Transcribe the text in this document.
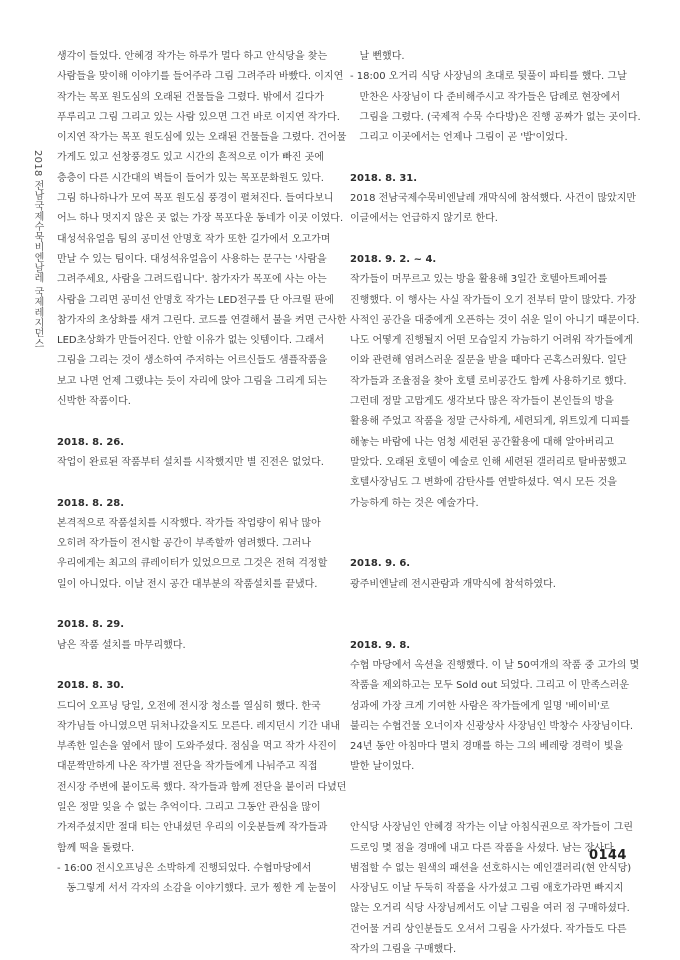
2018 전남국제수묵비엔날레 국제레지던스

생각이 들었다. 안혜경 작가는 하루가 멀다 하고 안식당을 찾는

사람들을 맞이해 이야기를 들어주라 그림 그려주라 바빴다. 이지연

작가는 목포 원도심의 오래된 건물들을 그렸다. 밖에서 길다가

푸루리고 그림 그리고 있는 사람 있으면 그건 바로 이지연 작가다.

이지연 작가는 목포 원도심에 있는 오래된 건물들을 그렸다. 건어물

가게도 있고 선창풍경도 있고 시간의 흔적으로 이가 빠진 곳에

층층이 다른 시간대의 벽들이 들어가 있는 목포문화원도 있다.

그림 하나하나가 모여 목포 원도심 풍경이 펼쳐진다. 들여다보니

어느 하나 멋지지 않은 곳 없는 가장 목포다운 동네가 이곳 이였다.

대성석유얼음 팀의 공미선 안명호 작가 또한 길가에서 오고가며

만날 수 있는 팀이다. 대성석유얼음이 사용하는 문구는 '사람을

그려주세요, 사람을 그려드립니다'. 참가자가 목포에 사는 아는

사람을 그리면 공미선 안명호 작가는 LED전구를 단 아크릴 판에

참가자의 초상화를 새겨 그린다. 코드를 연결해서 불을 켜면 근사한

LED초상화가 만들어진다. 안할 이유가 없는 잇템이다. 그래서

그림을 그리는 것이 생소하여 주저하는 어르신들도 샘플작품을

보고 나면 언제 그랬냐는 듯이 자리에 앉아 그림을 그리게 되는

신박한 작품이다.

2018. 8. 26.

작업이 완료된 작품부터 설치를 시작했지만 별 진전은 없었다.

2018. 8. 28.

본격적으로 작품설치를 시작했다. 작가들 작업량이 워낙 많아

오히려 작가들이 전시할 공간이 부족할까 염려했다. 그러나

우리에게는 최고의 큐레이터가 있었으므로 그것은 전혀 걱정할

일이 아니었다. 이날 전시 공간 대부분의 작품설치를 끝냈다.

2018. 8. 29.

남은 작품 설치를 마무리했다.

2018. 8. 30.

드디어 오프닝 당일, 오전에 전시장 청소를 열심히 했다. 한국

작가님들 아니였으면 뒤처나갔을지도 모른다. 레지던시 기간 내내

부족한 일손을 옆에서 많이 도와주셨다. 점심을 먹고 작가 사진이

대문짝만하게 나온 작가별 전단을 작가들에게 나눠주고 직접

전시장 주변에 붙이도록 했다. 작가들과 함께 전단을 붙이러 다녔던

일은 정말 잊을 수 없는 추억이다. 그리고 그동안 관심을 많이

가져주셨지만 절대 티는 안내셨던 우리의 이웃분들께 작가들과

함께 떡을 돌렸다.

- 16:00 전시오프닝은 소박하게 진행되었다. 수협마당에서

동그렇게 서서 각자의 소감을 이야기했다. 코가 찡한 게 눈물이

날 뻔했다.

- 18:00 오거리 식당 사장님의 초대로 뒷풀이 파티를 했다. 그날

만찬은 사장님이 다 준비해주시고 작가들은 답례로 현장에서

그림을 그렸다. (국제적 수묵 수다방)은 진행 공짜가 없는 곳이다.

그리고 이곳에서는 언제나 그림이 곧 '밥'이었다.

2018. 8. 31.

2018 전남국제수묵비엔날레 개막식에 참석했다. 사건이 많았지만

이글에서는 언급하지 않기로 한다.

2018. 9. 2. ~ 4.

작가들이 머무르고 있는 방을 활용해 3일간 호텔아트페어를

진행했다. 이 행사는 사실 작가들이 오기 전부터 말이 많았다. 가장

사적인 공간을 대중에게 오픈하는 것이 쉬운 일이 아니기 때문이다.

나도 어떻게 진행될지 어떤 모습일지 가늠하기 어려워 작가들에게

이와 관련해 염려스러운 질문을 받을 때마다 곤혹스러웠다. 일단

작가들과 조율점을 찾아 호텔 로비공간도 함께 사용하기로 했다.

그런데 정말 고맙게도 생각보다 많은 작가들이 본인들의 방을

활용해 주었고 작품을 정말 근사하게, 세련되게, 위트있게 디피를

해놓는 바람에 나는 엄청 세련된 공간활용에 대해 알아버리고

말았다. 오래된 호텔이 예술로 인해 세련된 갤러리로 탈바꿈했고

호텔사장님도 그 변화에 감탄사를 연발하셨다. 역시 모든 것을

가능하게 하는 것은 예술가다.

2018. 9. 6.

광주비엔날레 전시관람과 개막식에 참석하였다.

2018. 9. 8.

수협 마당에서 옥션을 진행했다. 이 날 50여개의 작품 중 고가의 몇

작품을 제외하고는 모두 Sold out 되었다. 그리고 이 만족스러운

성과에 가장 크게 기여한 사람은 작가들에게 일명 '베이비'로

불리는 수협건물 오너이자 신광상사 사장님인 박창수 사장님이다.

24년 동안 아침마다 멸치 경매를 하는 그의 베레랑 경력이 빛을

발한 날이었다.

안식당 사장님인 안혜경 작가는 이날 아침식권으로 작가들이 그린

드로잉 몇 점을 경매에 내고 다른 작품을 사셨다. 남는 장사다.

범접할 수 없는 원색의 패션을 선호하시는 예인갤러리(현 안식당)

사장님도 이날 두둑히 작품을 사가셨고 그림 애호가라면 빠지지

않는 오거리 식당 사장님께서도 이날 그림을 여러 점 구매하셨다.

건어물 거리 상인분들도 오셔서 그림을 사가셨다. 작가들도 다른

작가의 그림을 구매했다.

0144
